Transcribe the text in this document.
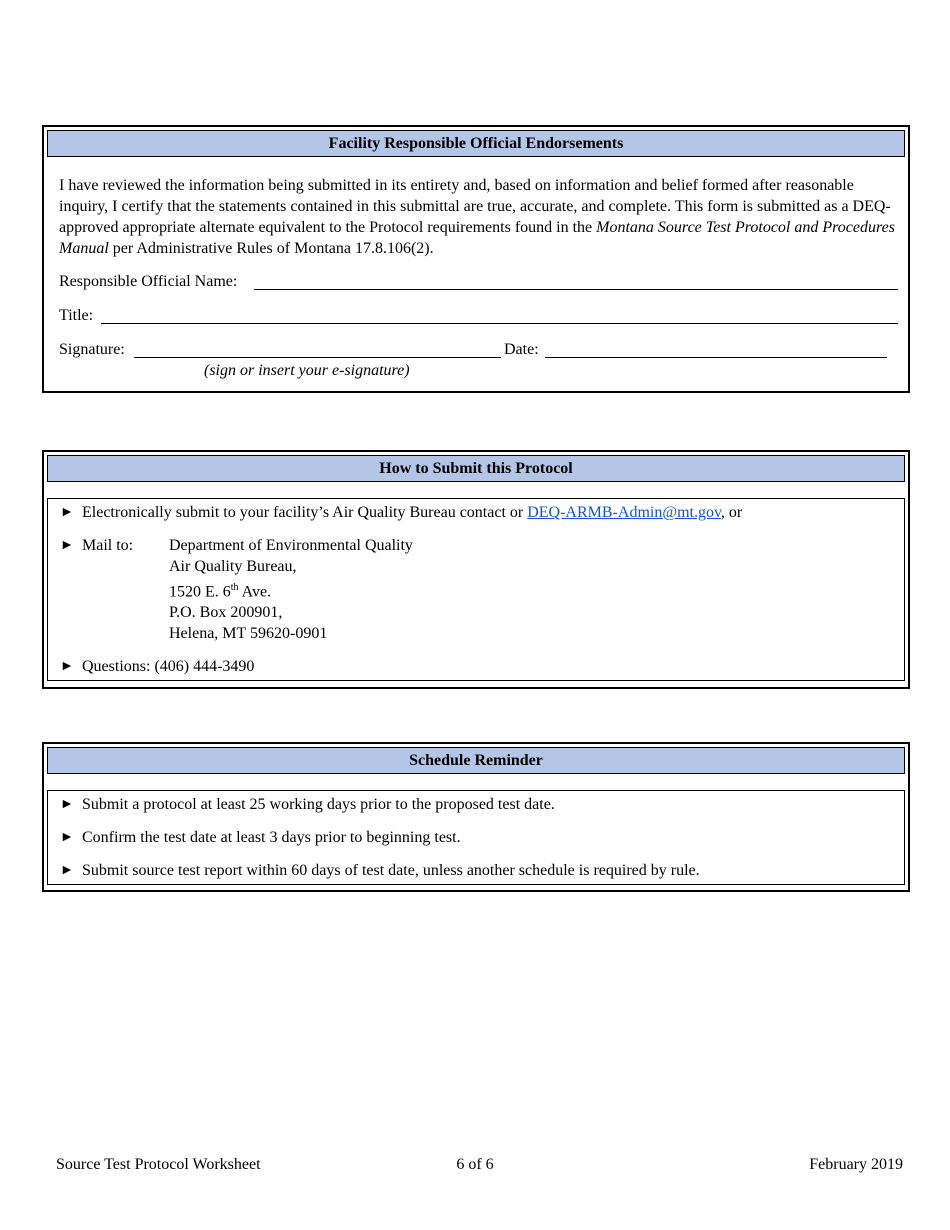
Facility Responsible Official Endorsements
I have reviewed the information being submitted in its entirety and, based on information and belief formed after reasonable inquiry, I certify that the statements contained in this submittal are true, accurate, and complete. This form is submitted as a DEQ-approved appropriate alternate equivalent to the Protocol requirements found in the Montana Source Test Protocol and Procedures Manual per Administrative Rules of Montana 17.8.106(2).
Responsible Official Name:
Title:
Signature:	Date:
(sign or insert your e-signature)
How to Submit this Protocol
► Electronically submit to your facility’s Air Quality Bureau contact or DEQ-ARMB-Admin@mt.gov, or
► Mail to:	Department of Environmental Quality
Air Quality Bureau,
1520 E. 6th Ave.
P.O. Box 200901,
Helena, MT 59620-0901
► Questions: (406) 444-3490
Schedule Reminder
► Submit a protocol at least 25 working days prior to the proposed test date.
► Confirm the test date at least 3 days prior to beginning test.
► Submit source test report within 60 days of test date, unless another schedule is required by rule.
Source Test Protocol Worksheet	6 of 6	February 2019
